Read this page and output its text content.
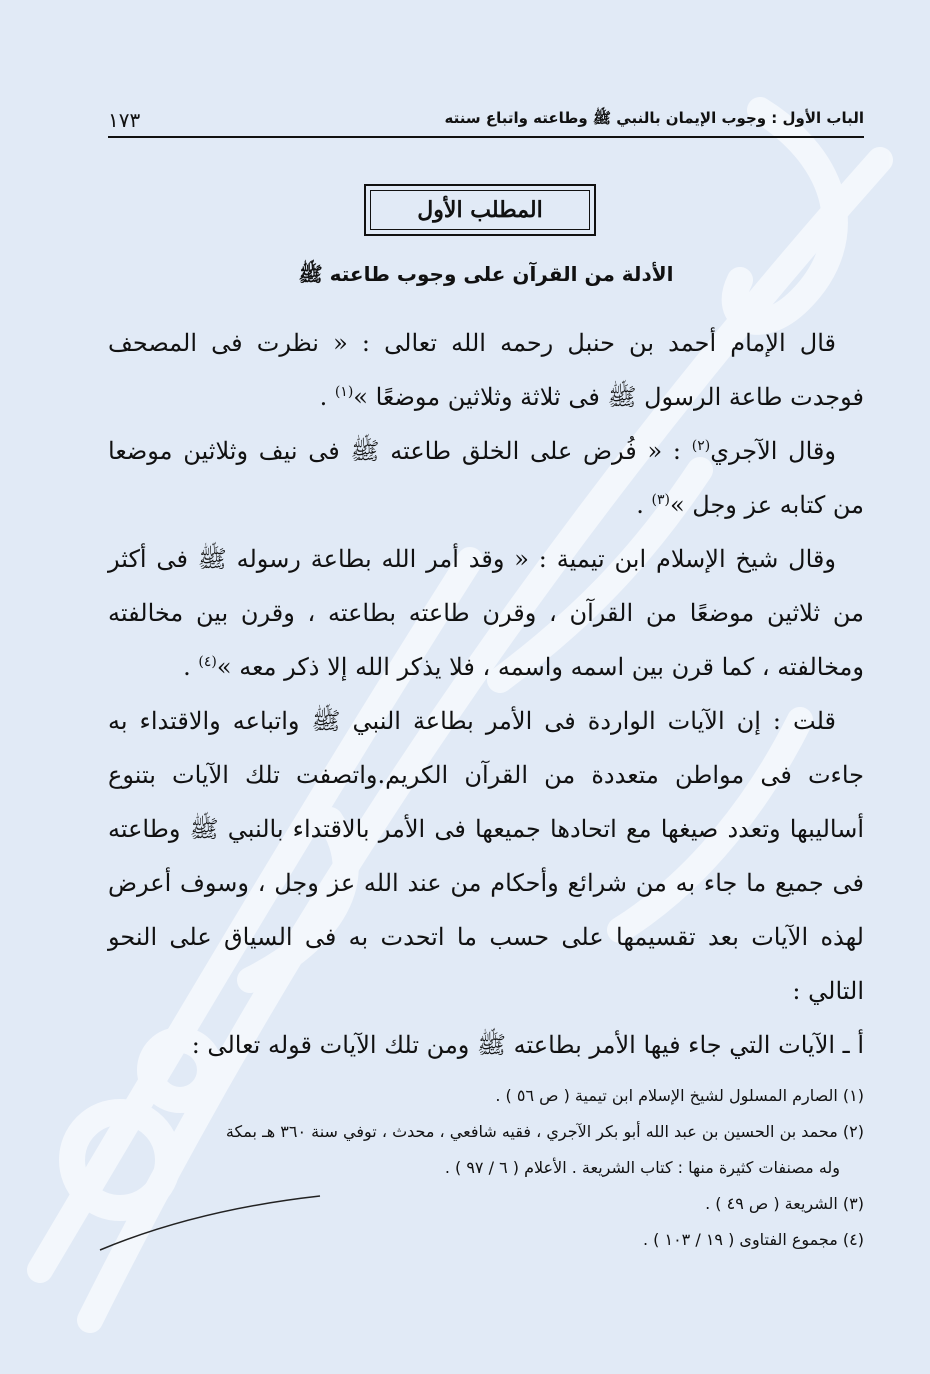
الباب الأول : وجوب الإيمان بالنبي ﷺ وطاعته واتباع سنته
١٧٣
المطلب الأول
الأدلة من القرآن على وجوب طاعته ﷺ

قال الإمام أحمد بن حنبل رحمه الله تعالى : « نظرت فى المصحف فوجدت طاعة الرسول ﷺ فى ثلاثة وثلاثين موضعًا »$^{(١)}$ .

وقال الآجري$^{(٢)}$ : « فُرض على الخلق طاعته ﷺ فى نيف وثلاثين موضعا من كتابه عز وجل »$^{(٣)}$ .

وقال شيخ الإسلام ابن تيمية : « وقد أمر الله بطاعة رسوله ﷺ فى أكثر من ثلاثين موضعًا من القرآن ، وقرن طاعته بطاعته ، وقرن بين مخالفته ومخالفته ، كما قرن بين اسمه واسمه ، فلا يذكر الله إلا ذكر معه »$^{(٤)}$ .

قلت : إن الآيات الواردة فى الأمر بطاعة النبي ﷺ واتباعه والاقتداء به جاءت فى مواطن متعددة من القرآن الكريم.واتصفت تلك الآيات بتنوع أساليبها وتعدد صيغها مع اتحادها جميعها فى الأمر بالاقتداء بالنبي ﷺ وطاعته فى جميع ما جاء به من شرائع وأحكام من عند الله عز وجل ، وسوف أعرض لهذه الآيات بعد تقسيمها على حسب ما اتحدت به فى السياق على النحو التالي :

أ ـ الآيات التي جاء فيها الأمر بطاعته ﷺ ومن تلك الآيات قوله تعالى :

(١) الصارم المسلول لشيخ الإسلام ابن تيمية ( ص ٥٦ ) .

(٢) محمد بن الحسين بن عبد الله أبو بكر الآجري ، فقيه شافعي ، محدث ، توفي سنة ٣٦٠ هـ بمكة

وله مصنفات كثيرة منها : كتاب الشريعة . الأعلام ( ٦ / ٩٧ ) .

(٣) الشريعة ( ص ٤٩ ) .

(٤) مجموع الفتاوى ( ١٩ / ١٠٣ ) .
